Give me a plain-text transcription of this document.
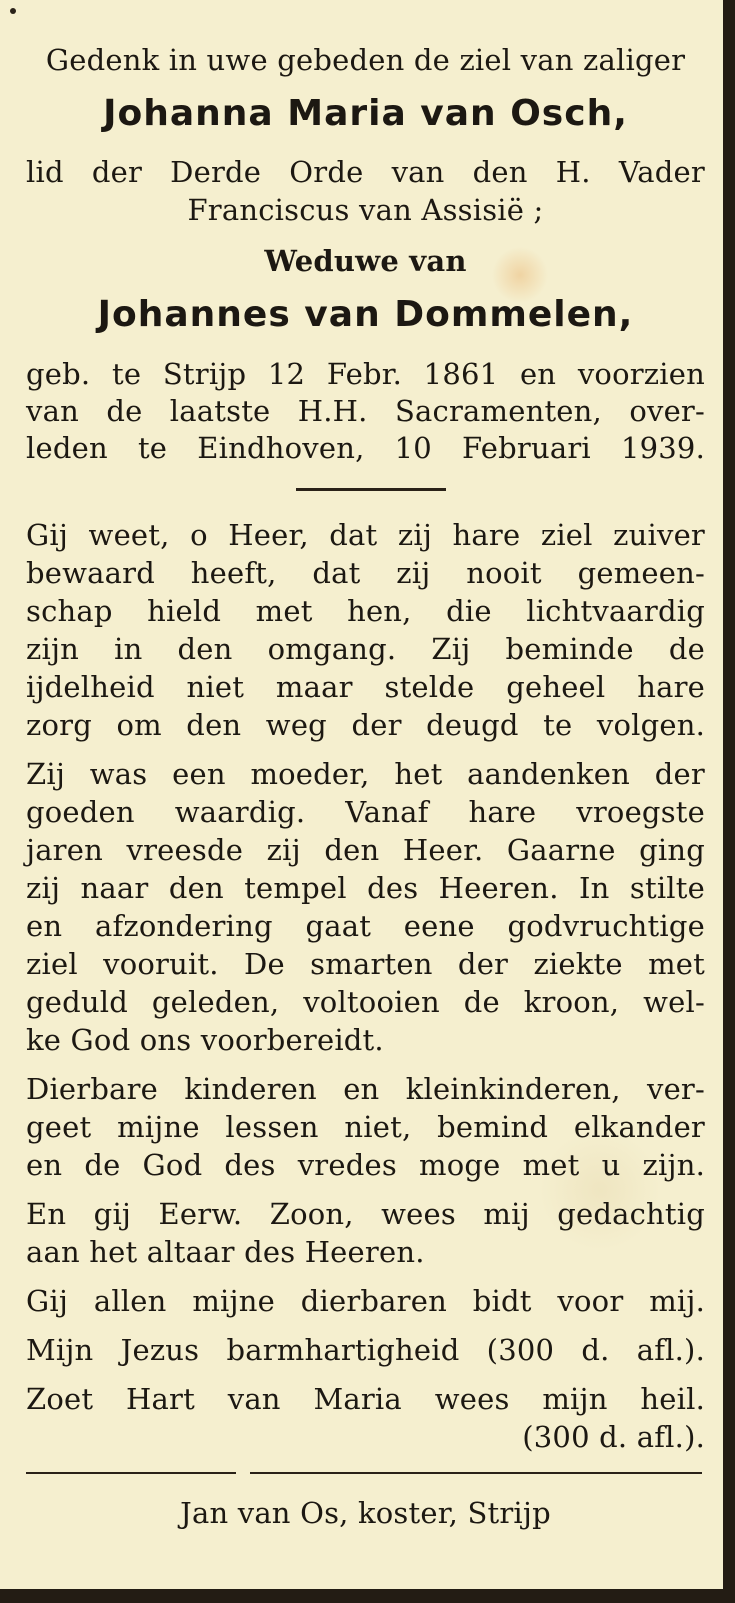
Gedenk in uwe gebeden de ziel van zaliger
Johanna Maria van Osch,
lid der Derde Orde van den H. Vader
Franciscus van Assisië ;
Weduwe van
Johannes van Dommelen,
geb. te Strijp 12 Febr. 1861 en voorzien
van de laatste H.H. Sacramenten, over-
leden te Eindhoven, 10 Februari 1939.
Gij weet, o Heer, dat zij hare ziel zuiver
bewaard heeft, dat zij nooit gemeen-
schap hield met hen, die lichtvaardig
zijn in den omgang. Zij beminde de
ijdelheid niet maar stelde geheel hare
zorg om den weg der deugd te volgen.
Zij was een moeder, het aandenken der
goeden waardig. Vanaf hare vroegste
jaren vreesde zij den Heer. Gaarne ging
zij naar den tempel des Heeren. In stilte
en afzondering gaat eene godvruchtige
ziel vooruit. De smarten der ziekte met
geduld geleden, voltooien de kroon, wel-
ke God ons voorbereidt.
Dierbare kinderen en kleinkinderen, ver-
geet mijne lessen niet, bemind elkander
en de God des vredes moge met u zijn.
En gij Eerw. Zoon, wees mij gedachtig
aan het altaar des Heeren.
Gij allen mijne dierbaren bidt voor mij.
Mijn Jezus barmhartigheid (300 d. afl.).
Zoet Hart van Maria wees mijn heil.
(300 d. afl.).
Jan van Os, koster, Strijp
